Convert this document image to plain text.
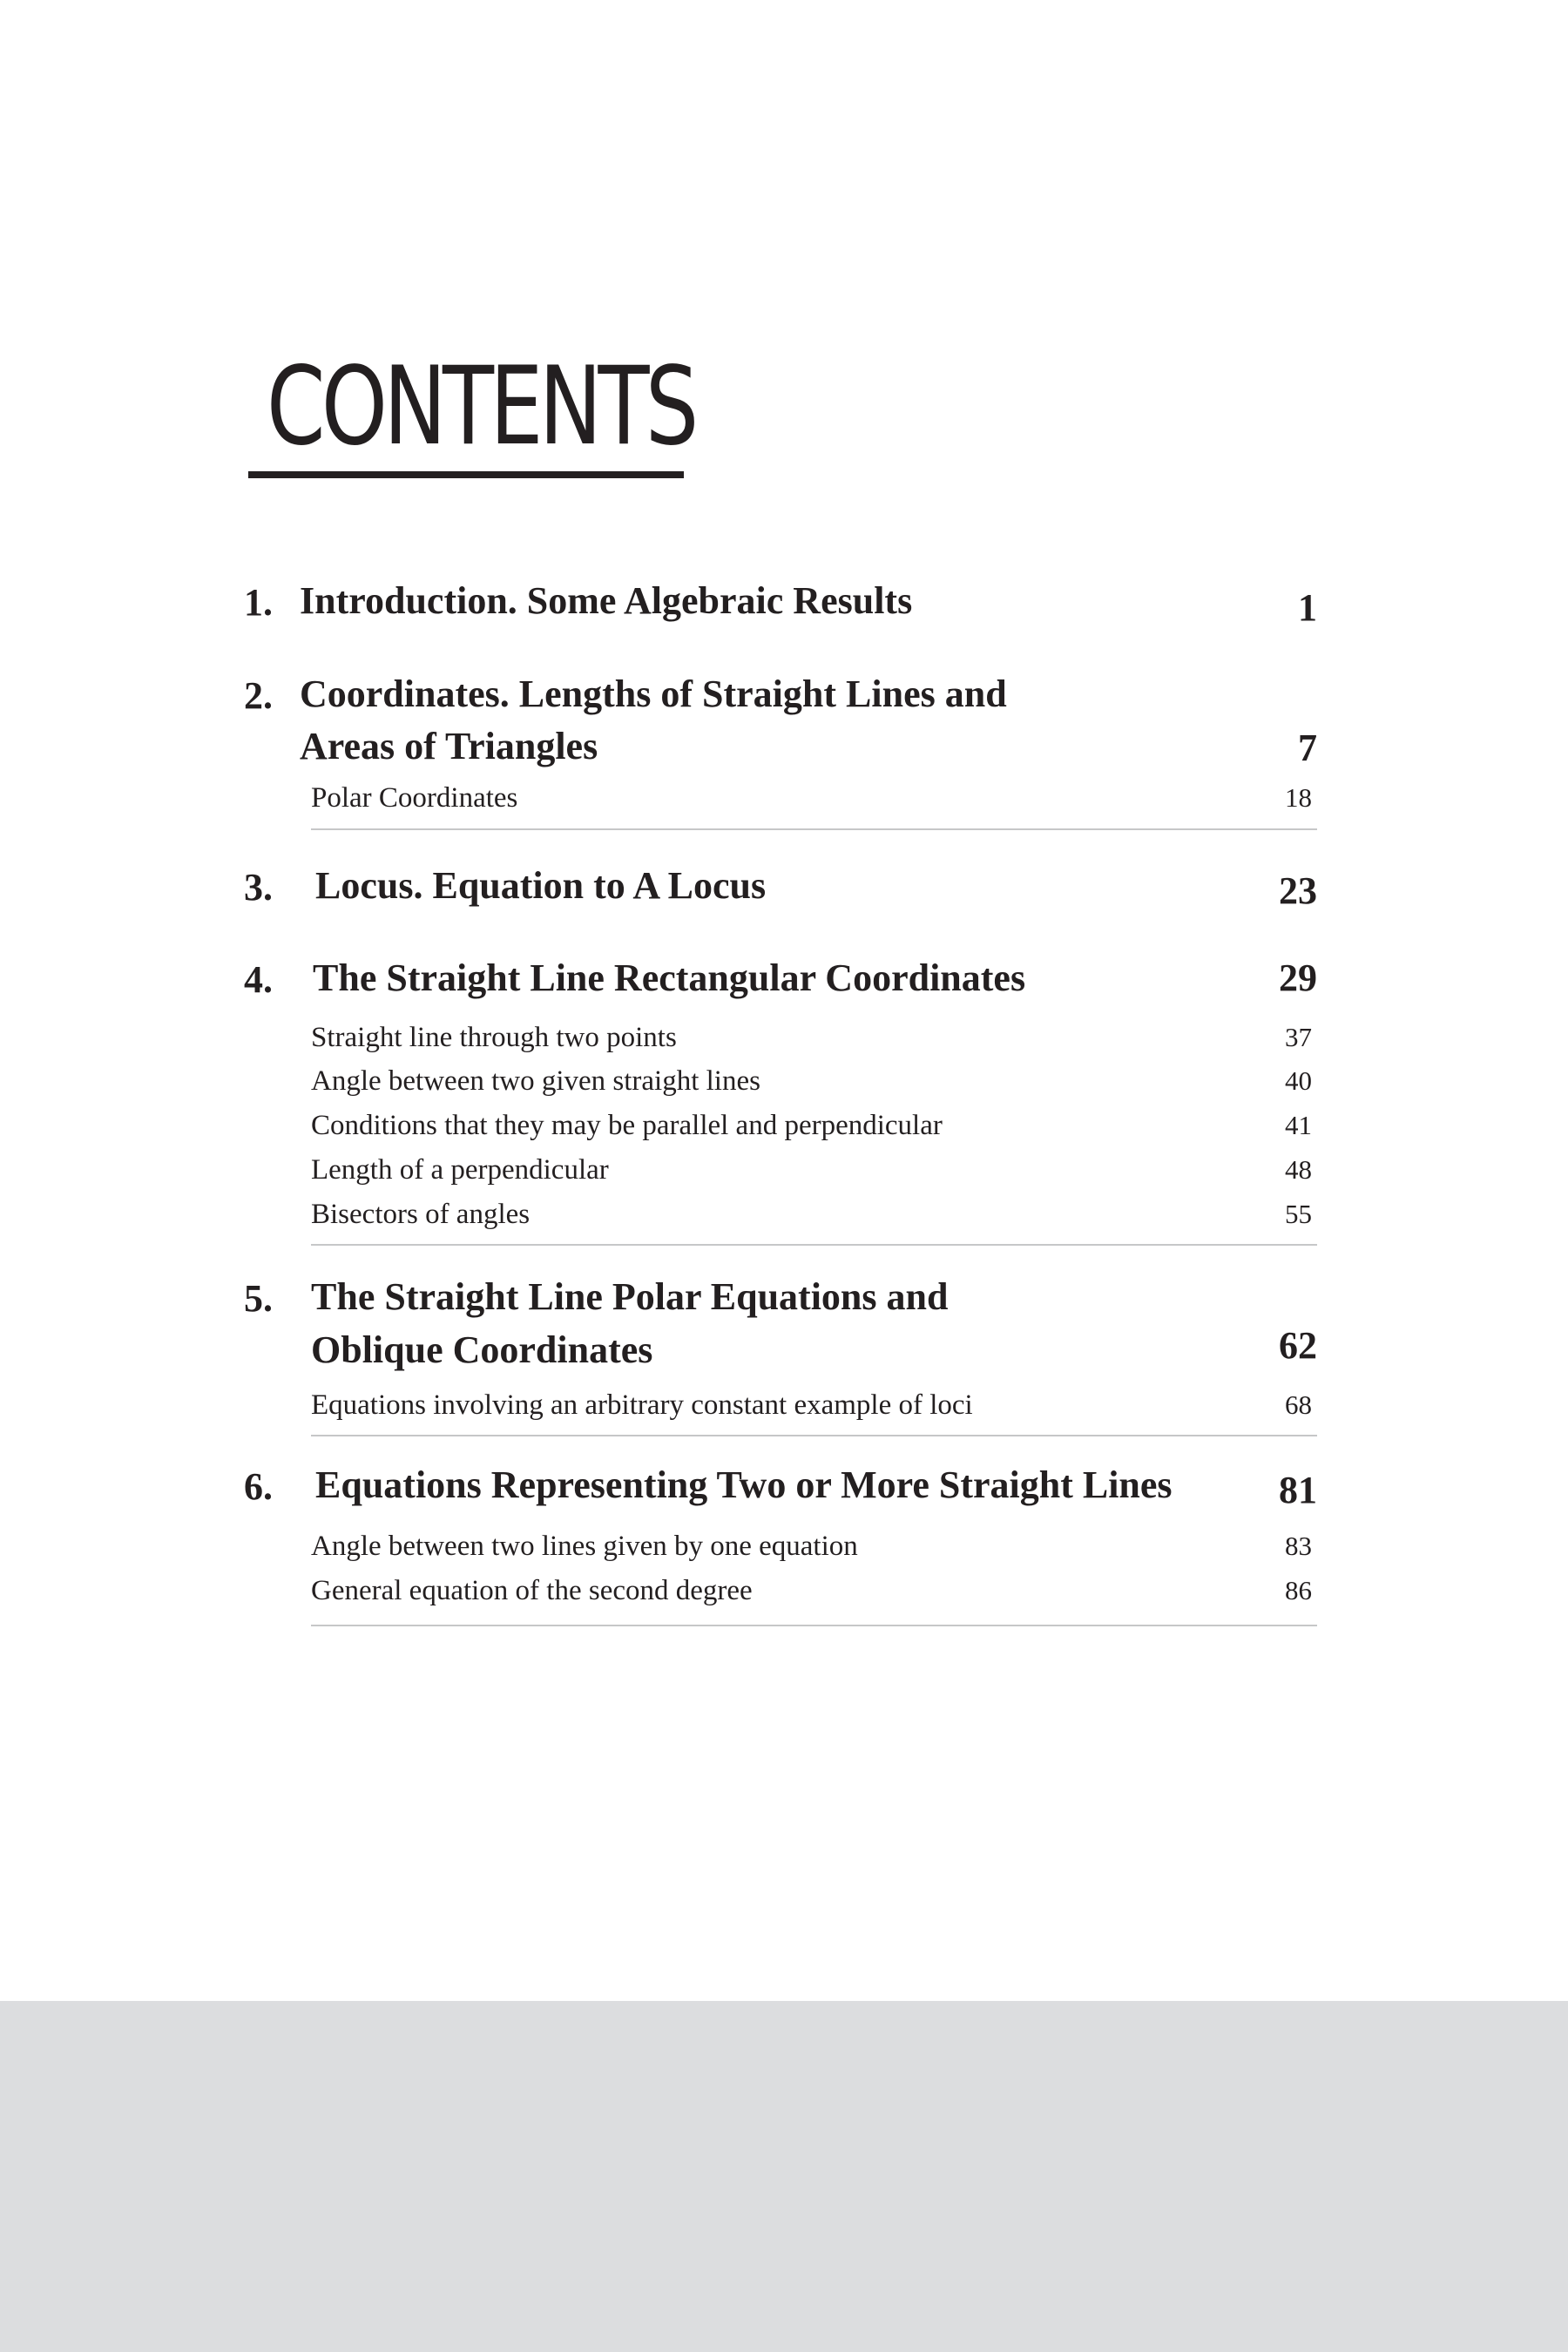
CONTENTS
1. Introduction. Some Algebraic Results	1
2. Coordinates. Lengths of Straight Lines and
Areas of Triangles	7
Polar Coordinates	18
3. Locus. Equation to A Locus	23
4. The Straight Line Rectangular Coordinates	29
Straight line through two points	37
Angle between two given straight lines	40
Conditions that they may be parallel and perpendicular	41
Length of a perpendicular	48
Bisectors of angles	55
5. The Straight Line Polar Equations and
Oblique Coordinates	62
Equations involving an arbitrary constant example of loci	68
6. Equations Representing Two or More Straight Lines	81
Angle between two lines given by one equation	83
General equation of the second degree	86
